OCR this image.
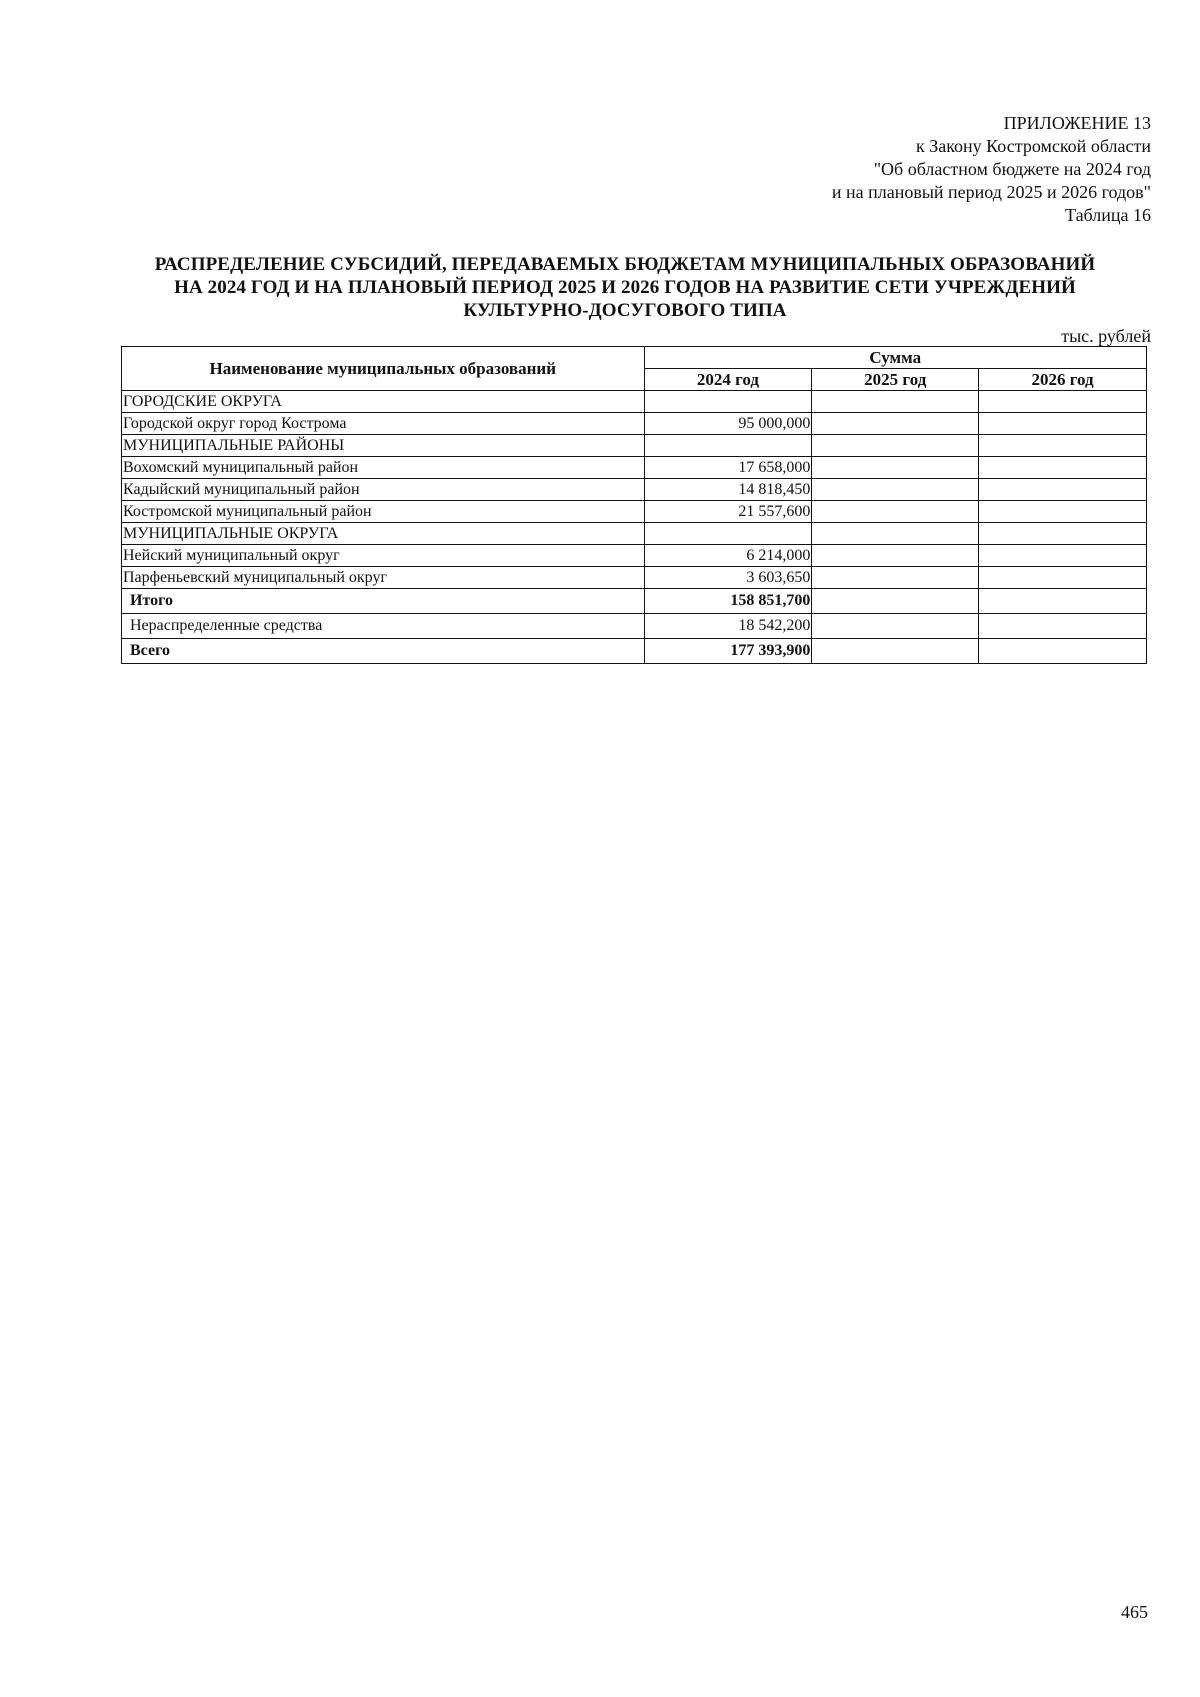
ПРИЛОЖЕНИЕ 13
к Закону Костромской области
"Об областном бюджете на 2024 год
и на плановый период 2025 и 2026 годов"
Таблица 16
РАСПРЕДЕЛЕНИЕ СУБСИДИЙ, ПЕРЕДАВАЕМЫХ БЮДЖЕТАМ МУНИЦИПАЛЬНЫХ ОБРАЗОВАНИЙ
НА 2024 ГОД И НА ПЛАНОВЫЙ ПЕРИОД 2025 И 2026 ГОДОВ НА РАЗВИТИЕ СЕТИ УЧРЕЖДЕНИЙ
КУЛЬТУРНО-ДОСУГОВОГО ТИПА
тыс. рублей
Наименование муниципальных образований	Сумма		
	2024 год	2025 год	2026 год
ГОРОДСКИЕ ОКРУГА			
Городской округ город Кострома	95 000,000		
МУНИЦИПАЛЬНЫЕ РАЙОНЫ			
Вохомский муниципальный район	17 658,000		
Кадыйский муниципальный район	14 818,450		
Костромской муниципальный район	21 557,600		
МУНИЦИПАЛЬНЫЕ ОКРУГА			
Нейский муниципальный округ	6 214,000		
Парфеньевский муниципальный округ	3 603,650		
Итого	158 851,700		
Нераспределенные средства	18 542,200		
Всего	177 393,900		
465
